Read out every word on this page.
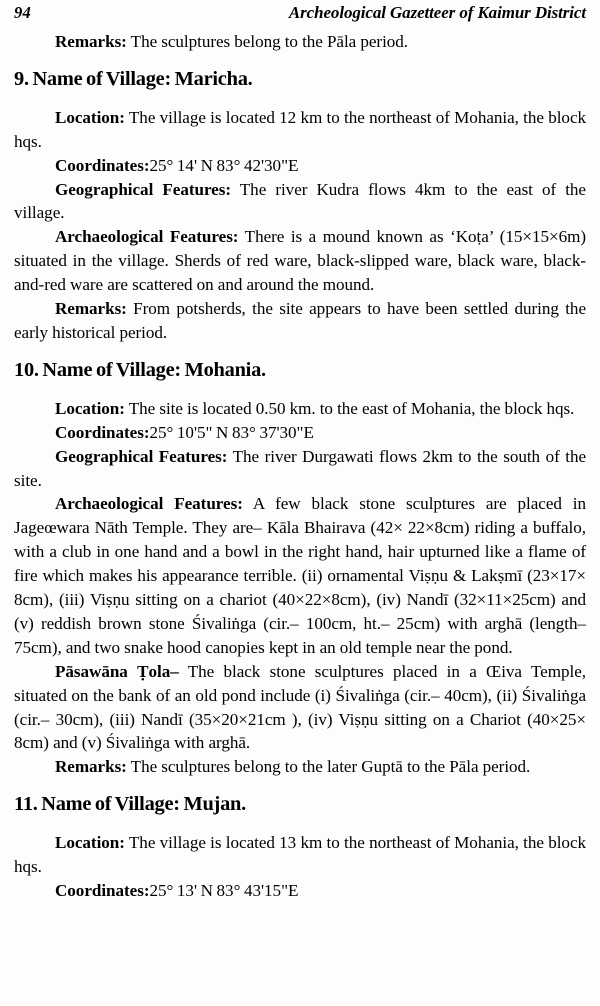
94	Archeological Gazetteer of Kaimur District

Remarks: The sculptures belong to the Pāla period.

9. Name of Village: Maricha.

Location: The village is located 12 km to the northeast of Mohania, the block hqs.

Coordinates:25° 14' N 83° 42'30"E

Geographical Features: The river Kudra flows 4km to the east of the village.

Archaeological Features: There is a mound known as ‘Koṭa’ (15×15×6m) situated in the village. Sherds of red ware, black-slipped ware, black ware, black-and-red ware are scattered on and around the mound.

Remarks: From potsherds, the site appears to have been settled during the early historical period.

10. Name of Village: Mohania.

Location: The site is located 0.50 km. to the east of Mohania, the block hqs.

Coordinates:25° 10'5" N 83° 37'30"E

Geographical Features: The river Durgawati flows 2km to the south of the site.

Archaeological Features: A few black stone sculptures are placed in Jageœwara Nāth Temple. They are– Kāla Bhairava (42× 22×8cm) riding a buffalo, with a club in one hand and a bowl in the right hand, hair upturned like a flame of fire which makes his appearance terrible. (ii) ornamental Viṣṇu & Lakṣmī (23×17× 8cm), (iii) Viṣṇu sitting on a chariot (40×22×8cm), (iv) Nandī (32×11×25cm) and (v) reddish brown stone Śivaliṅga (cir.– 100cm, ht.– 25cm) with arghā (length– 75cm), and two snake hood canopies kept in an old temple near the pond.

Pāsawāna Ṭola– The black stone sculptures placed in a Œiva Temple, situated on the bank of an old pond include (i) Śivaliṅga (cir.– 40cm), (ii) Śivaliṅga (cir.– 30cm), (iii) Nandī (35×20×21cm ), (iv) Viṣṇu sitting on a Chariot (40×25× 8cm) and (v) Śivaliṅga with arghā.

Remarks: The sculptures belong to the later Guptā to the Pāla period.

11. Name of Village: Mujan.

Location: The village is located 13 km to the northeast of Mohania, the block hqs.

Coordinates:25° 13' N 83° 43'15"E
